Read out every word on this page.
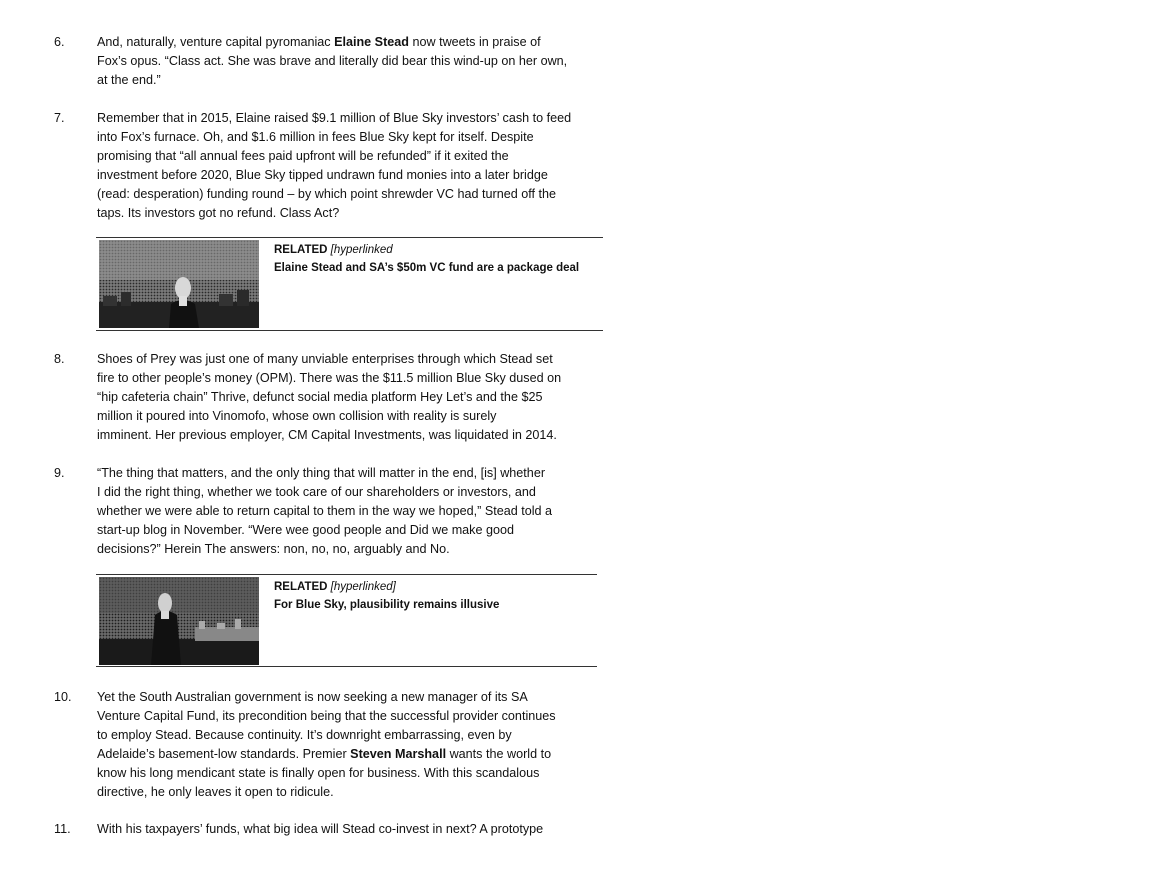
6.	And, naturally, venture capital pyromaniac Elaine Stead now tweets in praise of
Fox’s opus. “Class act. She was brave and literally did bear this wind-up on her own,
at the end.”
7.	Remember that in 2015, Elaine raised $9.1 million of Blue Sky investors’ cash to feed
into Fox’s furnace. Oh, and $1.6 million in fees Blue Sky kept for itself. Despite
promising that “all annual fees paid upfront will be refunded” if it exited the
investment before 2020, Blue Sky tipped undrawn fund monies into a later bridge
(read: desperation) funding round – by which point shrewder VC had turned off the
taps. Its investors got no refund. Class Act?
RELATED [hyperlinked
Elaine Stead and SA’s $50m VC fund are a package deal
8.	Shoes of Prey was just one of many unviable enterprises through which Stead set
fire to other people’s money (OPM). There was the $11.5 million Blue Sky dused on
“hip cafeteria chain” Thrive, defunct social media platform Hey Let’s and the $25
million it poured into Vinomofo, whose own collision with reality is surely
imminent. Her previous employer, CM Capital Investments, was liquidated in 2014.
9.	“The thing that matters, and the only thing that will matter in the end, [is] whether
I did the right thing, whether we took care of our shareholders or investors, and
whether we were able to return capital to them in the way we hoped,” Stead told a
start-up blog in November. “Were wee good people and Did we make good
decisions?” Herein The answers: non, no, no, arguably and No.
RELATED [hyperlinked]
For Blue Sky, plausibility remains illusive
10. Yet the South Australian government is now seeking a new manager of its SA
Venture Capital Fund, its precondition being that the successful provider continues
to employ Stead. Because continuity. It’s downright embarrassing, even by
Adelaide’s basement-low standards. Premier Steven Marshall wants the world to
know his long mendicant state is finally open for business. With this scandalous
directive, he only leaves it open to ridicule.
11. With his taxpayers’ funds, what big idea will Stead co-invest in next? A prototype
